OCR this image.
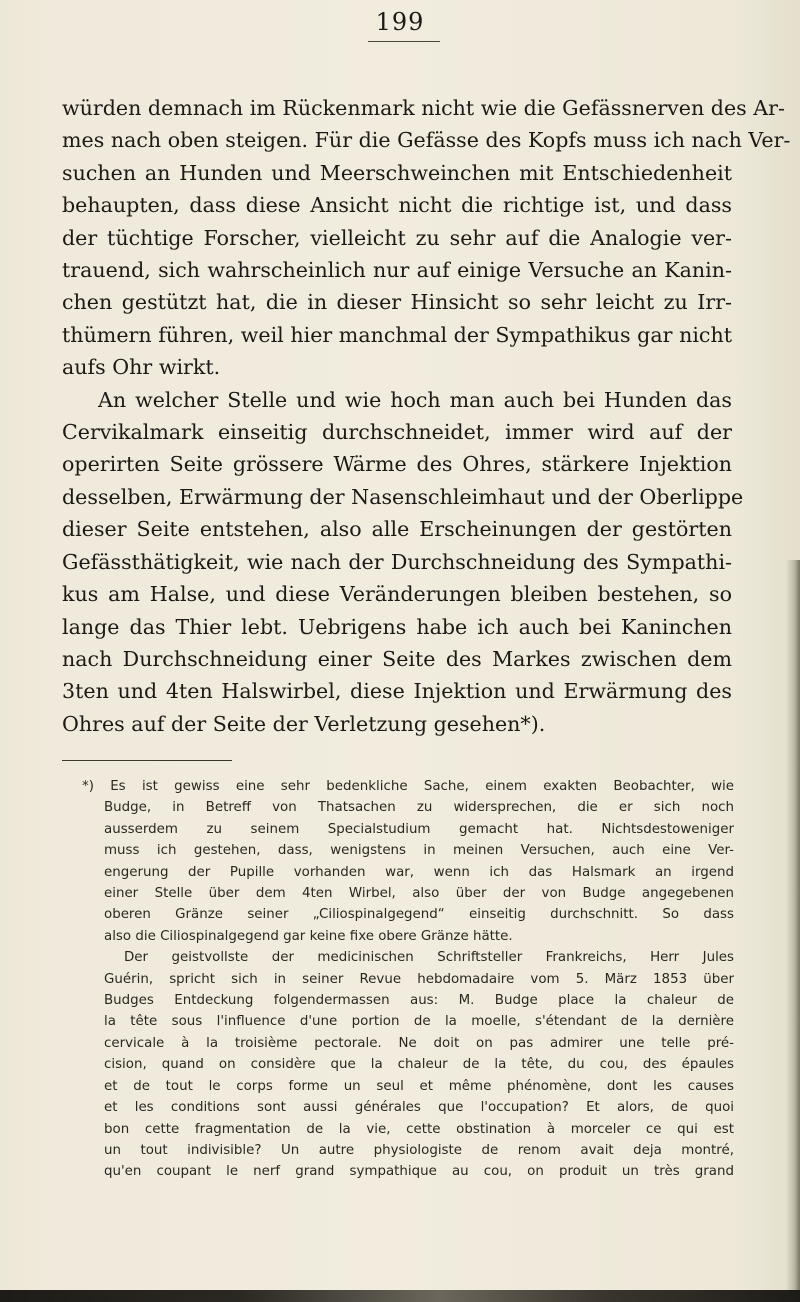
199

würden demnach im Rückenmark nicht wie die Gefässnerven des Ar-
mes nach oben steigen. Für die Gefässe des Kopfs muss ich nach Ver-
suchen an Hunden und Meerschweinchen mit Entschiedenheit
behaupten, dass diese Ansicht nicht die richtige ist, und dass
der tüchtige Forscher, vielleicht zu sehr auf die Analogie ver-
trauend, sich wahrscheinlich nur auf einige Versuche an Kanin-
chen gestützt hat, die in dieser Hinsicht so sehr leicht zu Irr-
thümern führen, weil hier manchmal der Sympathikus gar nicht
aufs Ohr wirkt.

An welcher Stelle und wie hoch man auch bei Hunden das
Cervikalmark einseitig durchschneidet, immer wird auf der
operirten Seite grössere Wärme des Ohres, stärkere Injektion
desselben, Erwärmung der Nasenschleimhaut und der Oberlippe
dieser Seite entstehen, also alle Erscheinungen der gestörten
Gefässthätigkeit, wie nach der Durchschneidung des Sympathi-
kus am Halse, und diese Veränderungen bleiben bestehen, so
lange das Thier lebt. Uebrigens habe ich auch bei Kaninchen
nach Durchschneidung einer Seite des Markes zwischen dem
3ten und 4ten Halswirbel, diese Injektion und Erwärmung des
Ohres auf der Seite der Verletzung gesehen*).

*) Es ist gewiss eine sehr bedenkliche Sache, einem exakten Beobachter, wie
Budge, in Betreff von Thatsachen zu widersprechen, die er sich noch
ausserdem zu seinem Specialstudium gemacht hat. Nichtsdestoweniger
muss ich gestehen, dass, wenigstens in meinen Versuchen, auch eine Ver-
engerung der Pupille vorhanden war, wenn ich das Halsmark an irgend
einer Stelle über dem 4ten Wirbel, also über der von Budge angegebenen
oberen Gränze seiner „Ciliospinalgegend“ einseitig durchschnitt. So dass
also die Ciliospinalgegend gar keine fixe obere Gränze hätte.

Der geistvollste der medicinischen Schriftsteller Frankreichs, Herr Jules
Guérin, spricht sich in seiner Revue hebdomadaire vom 5. März 1853 über
Budges Entdeckung folgendermassen aus: M. Budge place la chaleur de
la tête sous l'influence d'une portion de la moelle, s'étendant de la dernière
cervicale à la troisième pectorale. Ne doit on pas admirer une telle pré-
cision, quand on considère que la chaleur de la tête, du cou, des épaules
et de tout le corps forme un seul et même phénomène, dont les causes
et les conditions sont aussi générales que l'occupation? Et alors, de quoi
bon cette fragmentation de la vie, cette obstination à morceler ce qui est
un tout indivisible? Un autre physiologiste de renom avait deja montré,
qu'en coupant le nerf grand sympathique au cou, on produit un très grand
